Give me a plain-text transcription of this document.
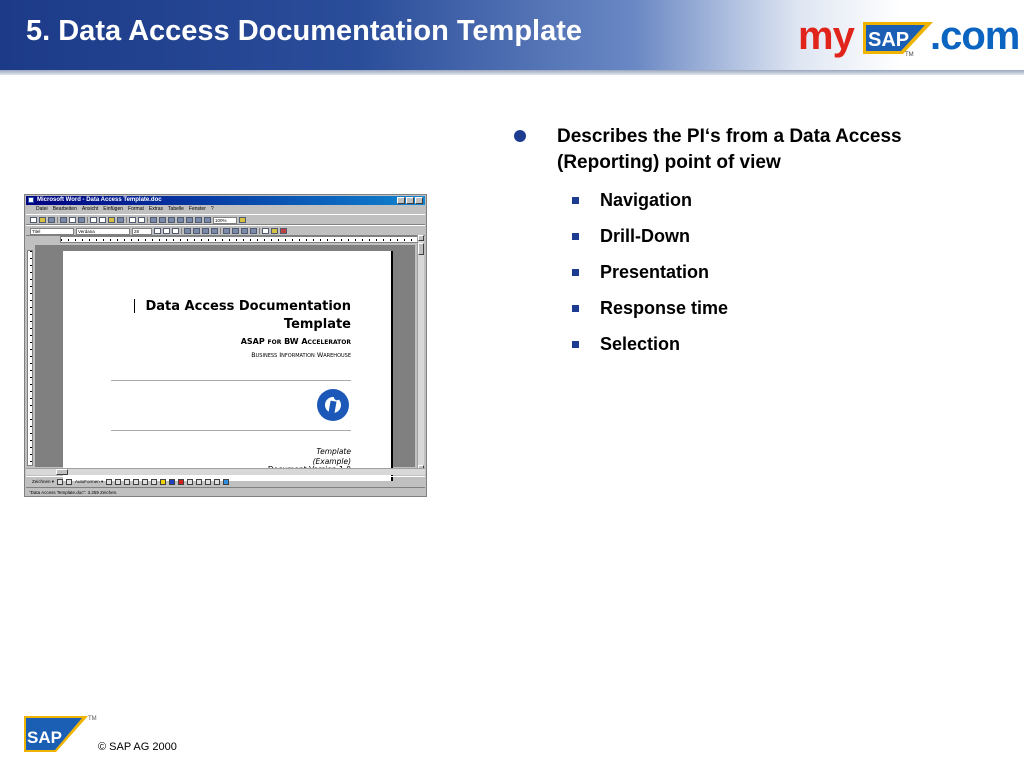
5. Data Access Documentation Template	my SAP .com
TM
Describes the PI‘s from a Data Access (Reporting) point of view
Navigation
Drill-Down
Presentation
Response time
Selection
Microsoft Word - Data Access Template.doc
Datei Bearbeiten Ansicht Einfügen Format Extras Tabelle Fenster ?
100%
Titel	Verdana	28
Data Access Documentation Template
ASAP for BW Accelerator
Business Information Warehouse
Template
(Example)
Zeichnen ▾	AutoFormen ▾
"Data Access Template.doc": 3.259 Zeichen.
SAP
TM
© SAP AG 2000
